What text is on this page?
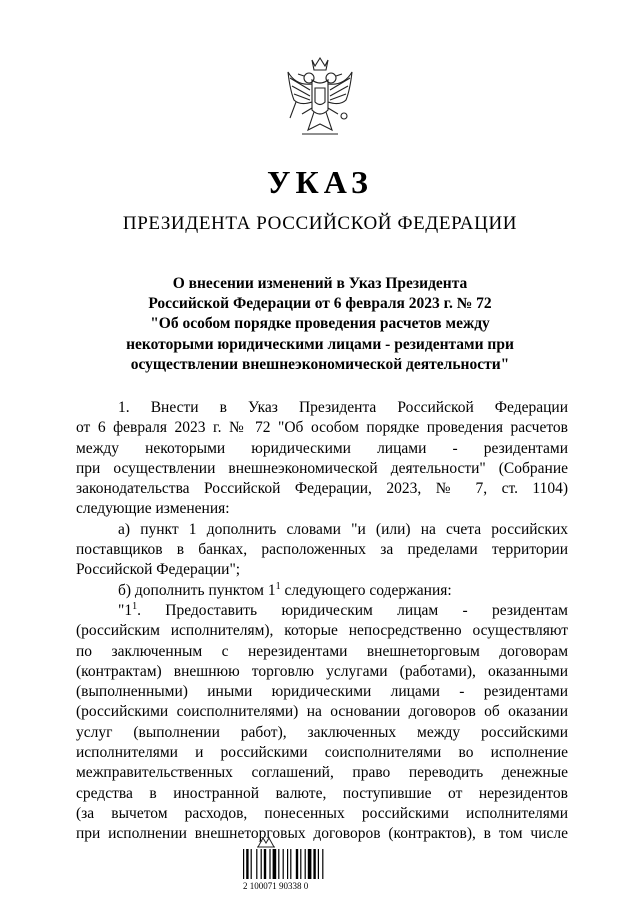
УКАЗ
ПРЕЗИДЕНТА РОССИЙСКОЙ ФЕДЕРАЦИИ
О внесении изменений в Указ Президента
Российской Федерации от 6 февраля 2023 г. № 72
"Об особом порядке проведения расчетов между
некоторыми юридическими лицами - резидентами при
осуществлении внешнеэкономической деятельности"
1. Внести в Указ Президента Российской Федерации
от 6 февраля 2023 г. № 72 "Об особом порядке проведения расчетов
между некоторыми юридическими лицами - резидентами
при осуществлении внешнеэкономической деятельности" (Собрание
законодательства Российской Федерации, 2023, № 7, ст. 1104)
следующие изменения:
а) пункт 1 дополнить словами "и (или) на счета российских
поставщиков в банках, расположенных за пределами территории
Российской Федерации";
б) дополнить пунктом $1^1$ следующего содержания:
"$1^1$. Предоставить юридическим лицам - резидентам
(российским исполнителям), которые непосредственно осуществляют
по заключенным с нерезидентами внешнеторговым договорам
(контрактам) внешнюю торговлю услугами (работами), оказанными
(выполненными) иными юридическими лицами - резидентами
(российскими соисполнителями) на основании договоров об оказании
услуг (выполнении работ), заключенных между российскими
исполнителями и российскими соисполнителями во исполнение
межправительственных соглашений, право переводить денежные
средства в иностранной валюте, поступившие от нерезидентов
(за вычетом расходов, понесенных российскими исполнителями
при исполнении внешнеторговых договоров (контрактов), в том числе
2 100071 90338 0
